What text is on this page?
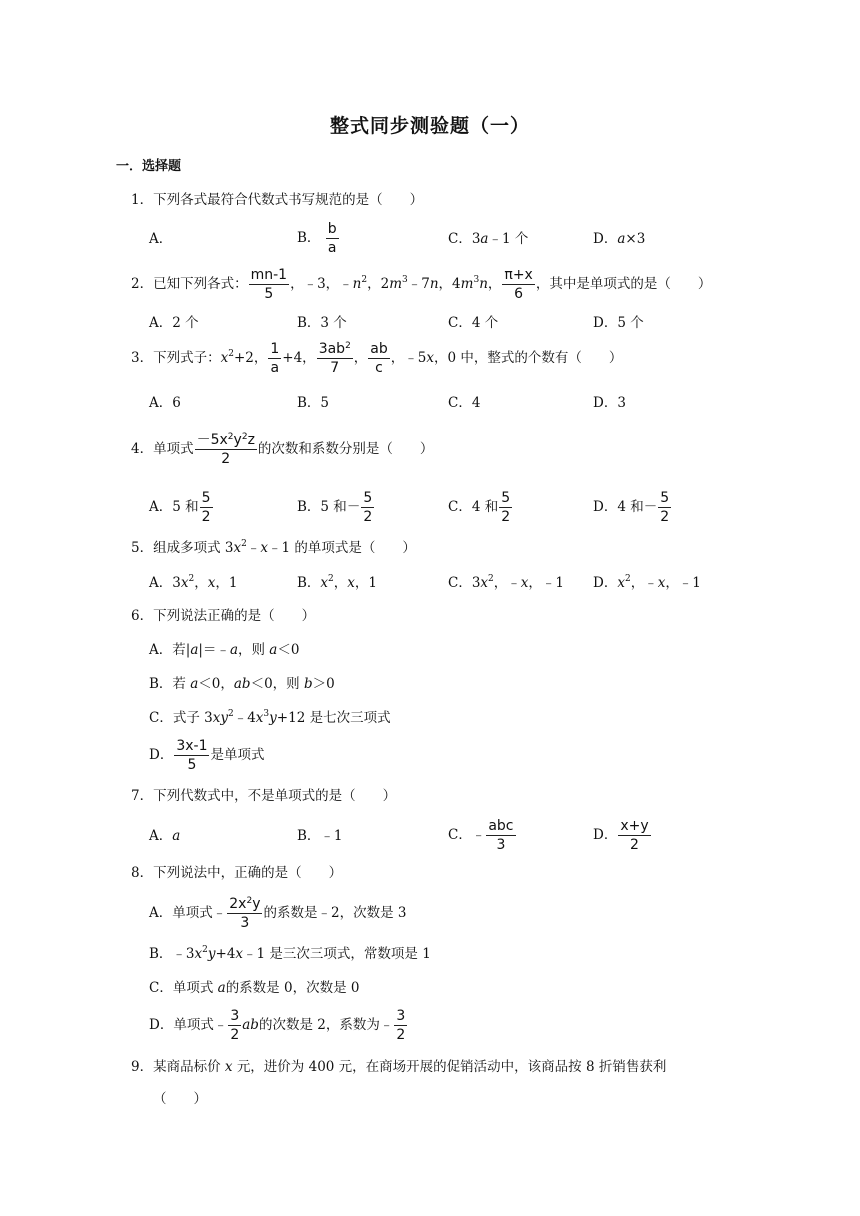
整式同步测验题（一）
一．选择题
1．下列各式最符合代数式书写规范的是（　　）
A．	B． $\frac{b}{a}$	C．3a﹣1 个	D．a×3
2．已知下列各式： $\frac{mn-1}{5}$ ，﹣3，$﹣n^2$，$2m^3﹣7n$，$4m^3n$， $\frac{\pi+x}{6}$ ，其中是单项式的是（　　）
A．2 个	B．3 个	C．4 个	D．5 个
3．下列式子：$x^2+2$， $\frac{1}{a} +4$， $\frac{3ab^2}{7}$ ， $\frac{ab}{c}$ ，﹣5x，0 中，整式的个数有（　　）
A．6	B．5	C．4	D．3
4．单项式 $\frac{-5x^2y^2z}{2}$ 的次数和系数分别是（　　）
A．5 和 $\frac{5}{2}$	B．5 和－ $\frac{5}{2}$	C．4 和 $\frac{5}{2}$	D．4 和－ $\frac{5}{2}$
5．组成多项式 $3x^2﹣x﹣1$ 的单项式是（　　）
A．$3x^2$，x，1	B．$x^2$，x，1	C．$3x^2$，﹣x，﹣1 D．$x^2$，﹣x，﹣1
6．下列说法正确的是（　　）
A．若|a|＝﹣a，则 a＜0
B．若 a＜0，ab＜0，则 b＞0
C．式子 $3xy^2﹣4x^3y+12$ 是七次三项式
D． $\frac{3x-1}{5}$ 是单项式
7．下列代数式中，不是单项式的是（　　）
A．a	B．﹣1	C．﹣ $\frac{\text{abc}}{3}$	D． $\frac{x+y}{2}$
8．下列说法中，正确的是（　　）
A．单项式﹣ $\frac{2x^2y}{3}$ 的系数是﹣2，次数是 3
B．$﹣3x^2y+4x﹣1$ 是三次三项式，常数项是 1
C．单项式 a的系数是 0，次数是 0
D．单项式﹣ $\frac{3}{2}$ ab的次数是 2，系数为﹣ $\frac{3}{2}$
9．某商品标价 x 元，进价为 400 元，在商场开展的促销活动中，该商品按 8 折销售获利
（　　）
